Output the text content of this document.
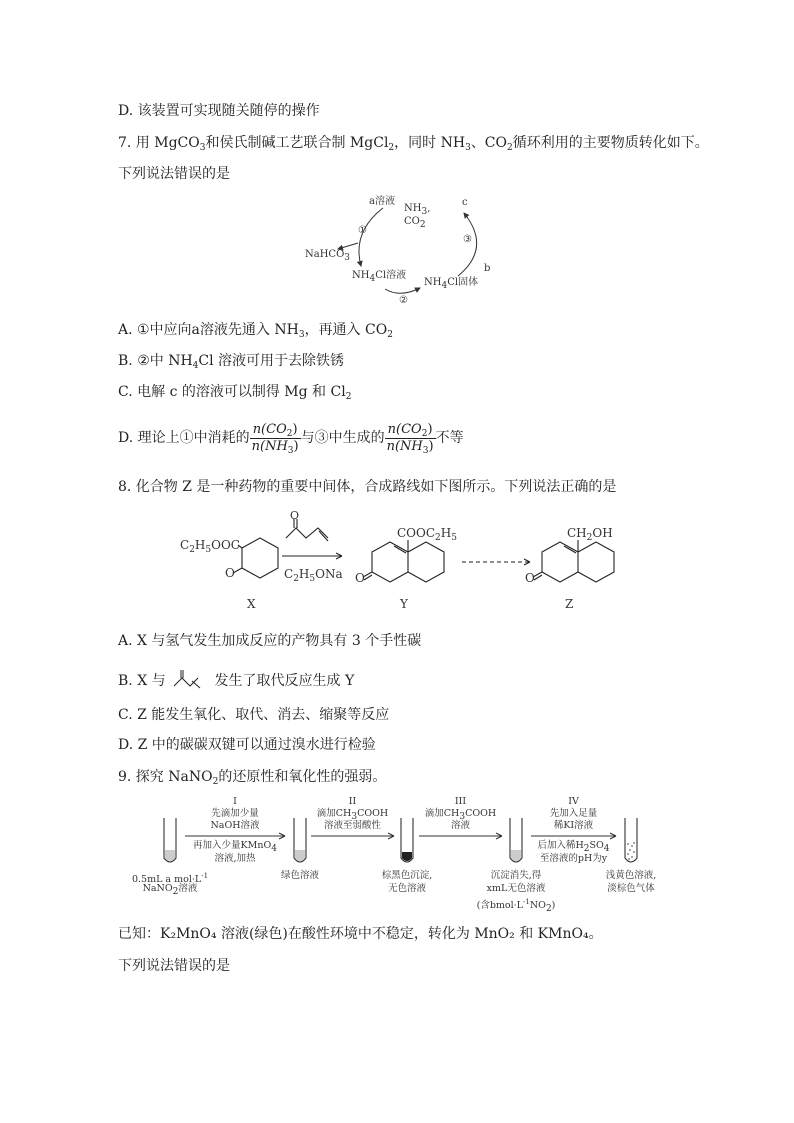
D. 该装置可实现随关随停的操作
7. 用 MgCO$_3$和侯氏制碱工艺联合制 MgCl$_2$，同时 $NH_3$、$CO_2$循环利用的主要物质转化如下。
下列说法错误的是
a溶液
$NH_3$,
$CO_2$
①
NaHCO$_3$
$NH_4Cl$溶液
②
$NH_4Cl$固体
③
c
b
A. ①中应向a溶液先通入 $NH_3$，再通入 $CO_2$
B. ②中 $NH_4Cl$ 溶液可用于去除铁锈
C. 电解 c 的溶液可以制得 Mg 和 $Cl_2$
D. 理论上①中消耗的 $\frac{n(CO_2)}{n(NH_3)}$ 与③中生成的 $\frac{n(CO_2)}{n(NH_3)}$ 不等
8. 化合物 Z 是一种药物的重要中间体，合成路线如下图所示。下列说法正确的是
$C_2H_5OOC$
O
O
$C_2H_5ONa$
$COOC_2H_5$
O
$CH_2OH$
O
X	Y	Z
A. X 与氢气发生加成反应的产物具有 3 个手性碳
B. X 与	发生了取代反应生成 Y
C. Z 能发生氧化、取代、消去、缩聚等反应
D. Z 中的碳碳双键可以通过溴水进行检验
9. 探究 NaNO$_2$的还原性和氧化性的强弱。
I
先滴加少量
NaOH溶液
再加入少量KMnO$_4$
溶液,加热
II
滴加$CH_3COOH$
溶液至弱酸性
III
滴加$CH_3COOH$
溶液
IV
先加入足量
稀KI溶液
后加入稀$H_2SO_4$
至溶液的pH为y
0.5mL a $mol\cdot L^{-1}$
NaNO$_2$溶液
绿色溶液	棕黑色沉淀,
无色溶液
沉淀消失,得
xmL无色溶液
(含$bmol\cdot L^{-1}NO_2$)
浅黄色溶液,
淡棕色气体
已知：K₂MnO₄ 溶液(绿色)在酸性环境中不稳定，转化为 MnO₂ 和 KMnO₄。
下列说法错误的是
